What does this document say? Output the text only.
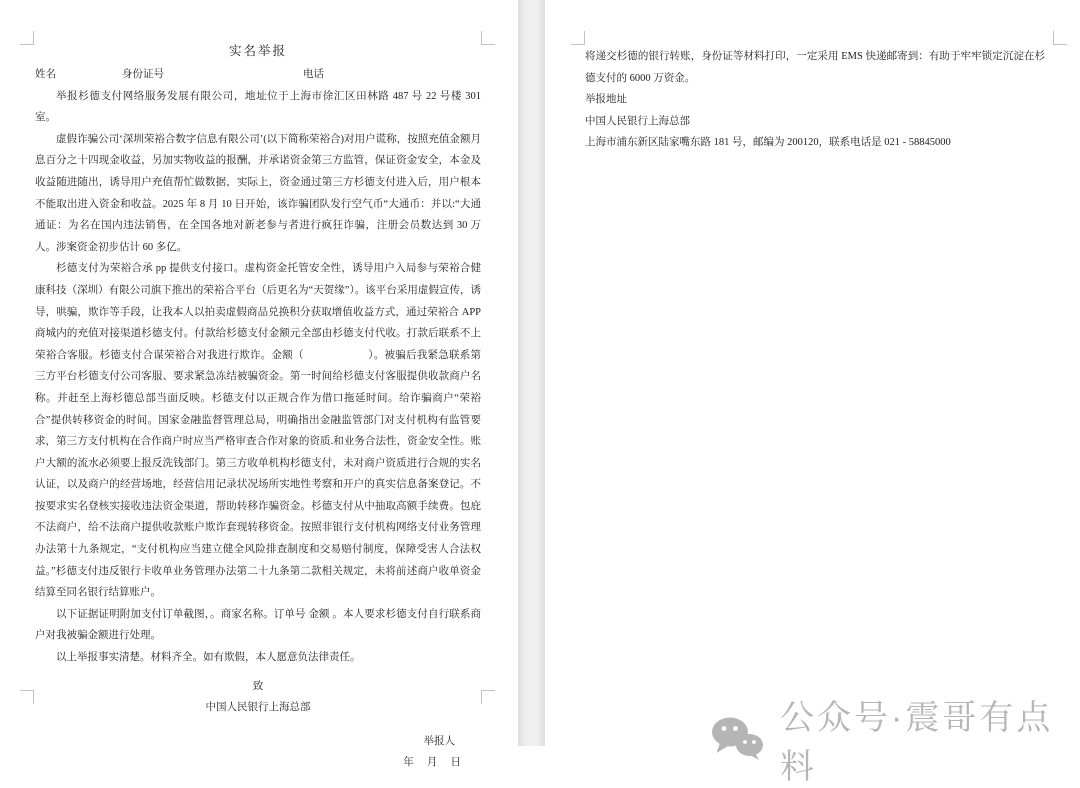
实名举报
姓名	身份证号	电话

举报杉德支付网络服务发展有限公司，地址位于上海市徐汇区田林路 487 号 22 号楼 301 室。

虚假诈骗公司‘深圳荣裕合数字信息有限公司’(以下简称荣裕合)对用户谎称，按照充值金额月息百分之十四现金收益，另加实物收益的报酬，并承诺资金第三方监管，保证资金安全，本金及收益随进随出，诱导用户充值帮忙做数据，实际上，资金通过第三方杉德支付进入后，用户根本不能取出进入资金和收益。2025 年 8 月 10 日开始，该诈骗团队发行空气币“大通币：并以:“大通通证：为名在国内违法销售，在全国各地对新老参与者进行疯狂诈骗，注册会员数达到 30 万人。涉案资金初步估计 60 多亿。

杉德支付为荣裕合承 pp 提供支付接口。虚构资金托管安全性，诱导用户入局参与荣裕合健康科技（深圳）有限公司旗下推出的荣裕合平台（后更名为“天贺缘”）。该平台采用虚假宣传，诱导，哄骗，欺诈等手段，让我本人以拍卖虚假商品兑换积分获取增值收益方式，通过荣裕合 APP 商城内的充值对接渠道杉德支付。付款给杉德支付金额元全部由杉德支付代收。打款后联系不上荣裕合客服。杉德支付合谋荣裕合对我进行欺诈。金额（　　　　　　）。被骗后我紧急联系第三方平台杉德支付公司客服、要求紧急冻结被骗资金。第一时间给杉德支付客服提供收款商户名称。并赶至上海杉德总部当面反映。杉德支付以正规合作为借口拖延时间。给诈骗商户“荣裕合”提供转移资金的时间。国家金融监督管理总局，明确指出金融监管部门对支付机构有监管要求，第三方支付机构在合作商户时应当严格审查合作对象的资质.和业务合法性，资金安全性。账户大额的流水必须要上报反洗钱部门。第三方收单机构杉德支付，未对商户资质进行合规的实名认证，以及商户的经营场地，经营信用记录状况场所实地性考察和开户的真实信息备案登记。不按要求实名登核实接收违法资金渠道，帮助转移诈骗资金。杉德支付从中抽取高额手续费。包庇不法商户，给不法商户提供收款账户欺诈套现转移资金。按照非银行支付机构网络支付业务管理办法第十九条规定，“支付机构应当建立健全风险排查制度和交易赔付制度，保障受害人合法权益。”杉德支付违反银行卡收单业务管理办法第二十九条第二款相关规定，未将前述商户收单资金结算至同名银行结算账户。

以下证据证明附加支付订单截图，。商家名称。订单号 金额 。本人要求杉德支付自行联系商户对我被骗金额进行处理。

以上举报事实清楚。材料齐全。如有欺假，本人愿意负法律责任。

致
中国人民银行上海总部
举报人
年　 月　 日

将递交杉德的银行转账，身份证等材料打印，一定采用 EMS 快递邮寄到：有助于牢牢锁定沉淀在杉德支付的 6000 万资金。

举报地址

中国人民银行上海总部

上海市浦东新区陆家嘴东路 181 号，邮编为 200120，联系电话是 021 - 58845000

公众号·震哥有点料
